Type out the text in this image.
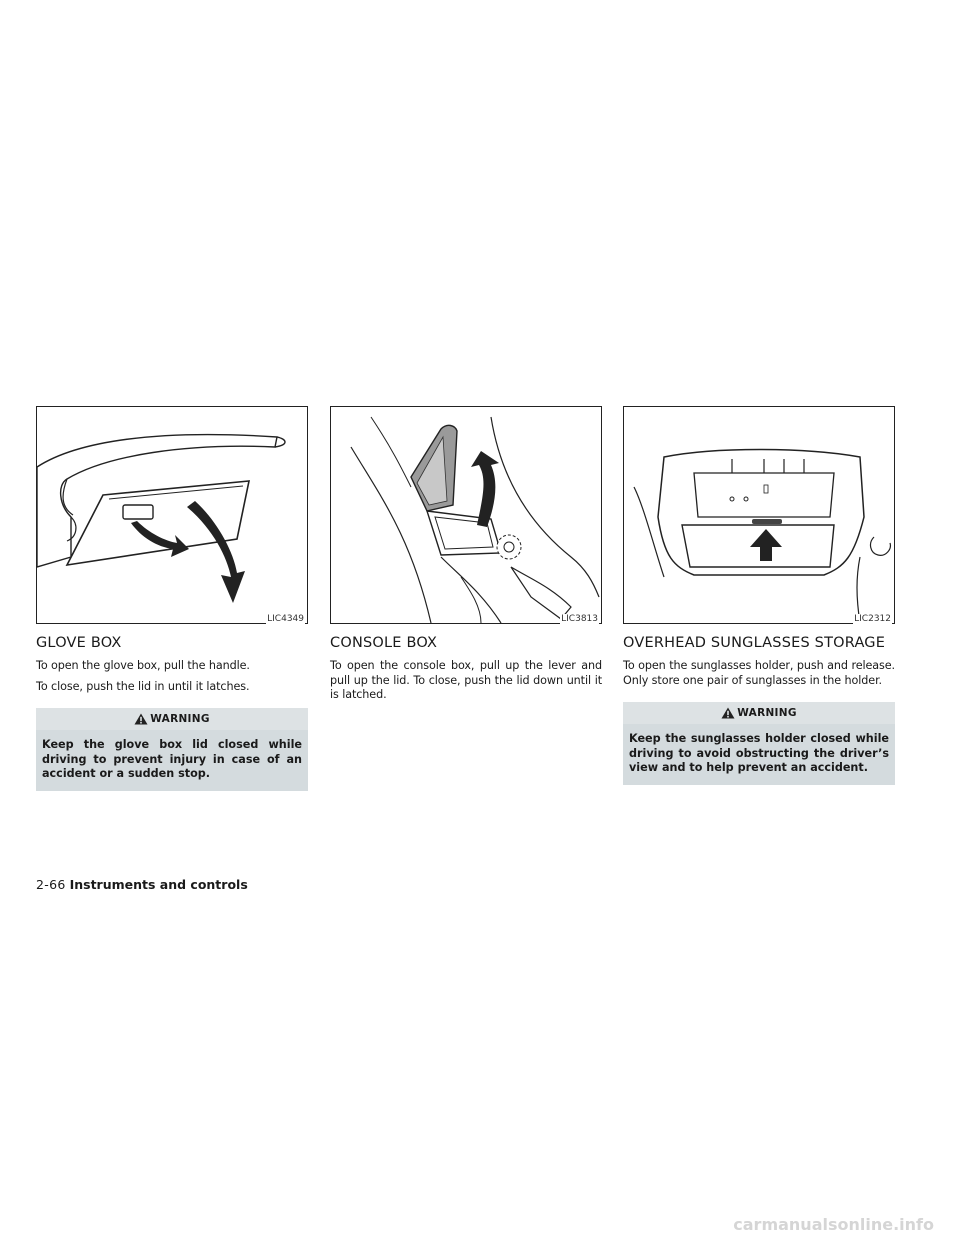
LIC4349
GLOVE BOX

To open the glove box, pull the handle.

To close, push the lid in until it latches.

WARNING
Keep the glove box lid closed while driving to prevent injury in case of an accident or a sudden stop.
LIC3813
CONSOLE BOX

To open the console box, pull up the lever and pull up the lid. To close, push the lid down until it is latched.

LIC2312
OVERHEAD SUNGLASSES STORAGE

To open the sunglasses holder, push and release. Only store one pair of sunglasses in the holder.

WARNING
Keep the sunglasses holder closed while driving to avoid obstructing the driver’s view and to help prevent an accident.
2-66 Instruments and controls
carmanualsonline.info
